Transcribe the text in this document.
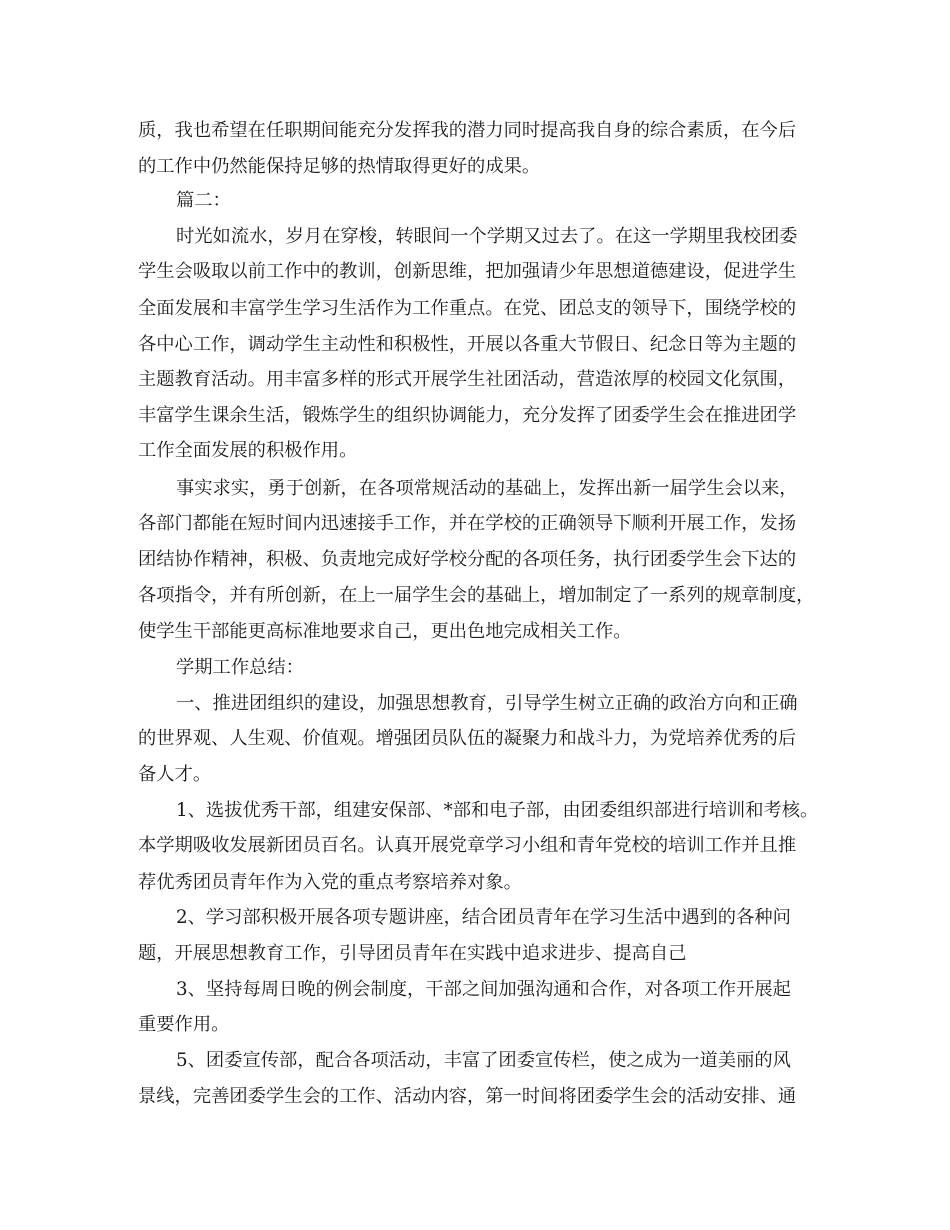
质，我也希望在任职期间能充分发挥我的潜力同时提高我自身的综合素质，在今后
的工作中仍然能保持足够的热情取得更好的成果。
篇二：
时光如流水，岁月在穿梭，转眼间一个学期又过去了。在这一学期里我校团委
学生会吸取以前工作中的教训，创新思维，把加强请少年思想道德建设，促进学生
全面发展和丰富学生学习生活作为工作重点。在党、团总支的领导下，围绕学校的
各中心工作，调动学生主动性和积极性，开展以各重大节假日、纪念日等为主题的
主题教育活动。用丰富多样的形式开展学生社团活动，营造浓厚的校园文化氛围，
丰富学生课余生活，锻炼学生的组织协调能力，充分发挥了团委学生会在推进团学
工作全面发展的积极作用。
事实求实，勇于创新，在各项常规活动的基础上，发挥出新一届学生会以来，
各部门都能在短时间内迅速接手工作，并在学校的正确领导下顺利开展工作，发扬
团结协作精神，积极、负责地完成好学校分配的各项任务，执行团委学生会下达的
各项指令，并有所创新，在上一届学生会的基础上，增加制定了一系列的规章制度，
使学生干部能更高标准地要求自己，更出色地完成相关工作。
学期工作总结：
一、推进团组织的建设，加强思想教育，引导学生树立正确的政治方向和正确
的世界观、人生观、价值观。增强团员队伍的凝聚力和战斗力，为党培养优秀的后
备人才。
1、选拔优秀干部，组建安保部、*部和电子部，由团委组织部进行培训和考核。
本学期吸收发展新团员百名。认真开展党章学习小组和青年党校的培训工作并且推
荐优秀团员青年作为入党的重点考察培养对象。
2、学习部积极开展各项专题讲座，结合团员青年在学习生活中遇到的各种问
题，开展思想教育工作，引导团员青年在实践中追求进步、提高自己
3、坚持每周日晚的例会制度，干部之间加强沟通和合作，对各项工作开展起
重要作用。
5、团委宣传部，配合各项活动，丰富了团委宣传栏，使之成为一道美丽的风
景线，完善团委学生会的工作、活动内容，第一时间将团委学生会的活动安排、通
